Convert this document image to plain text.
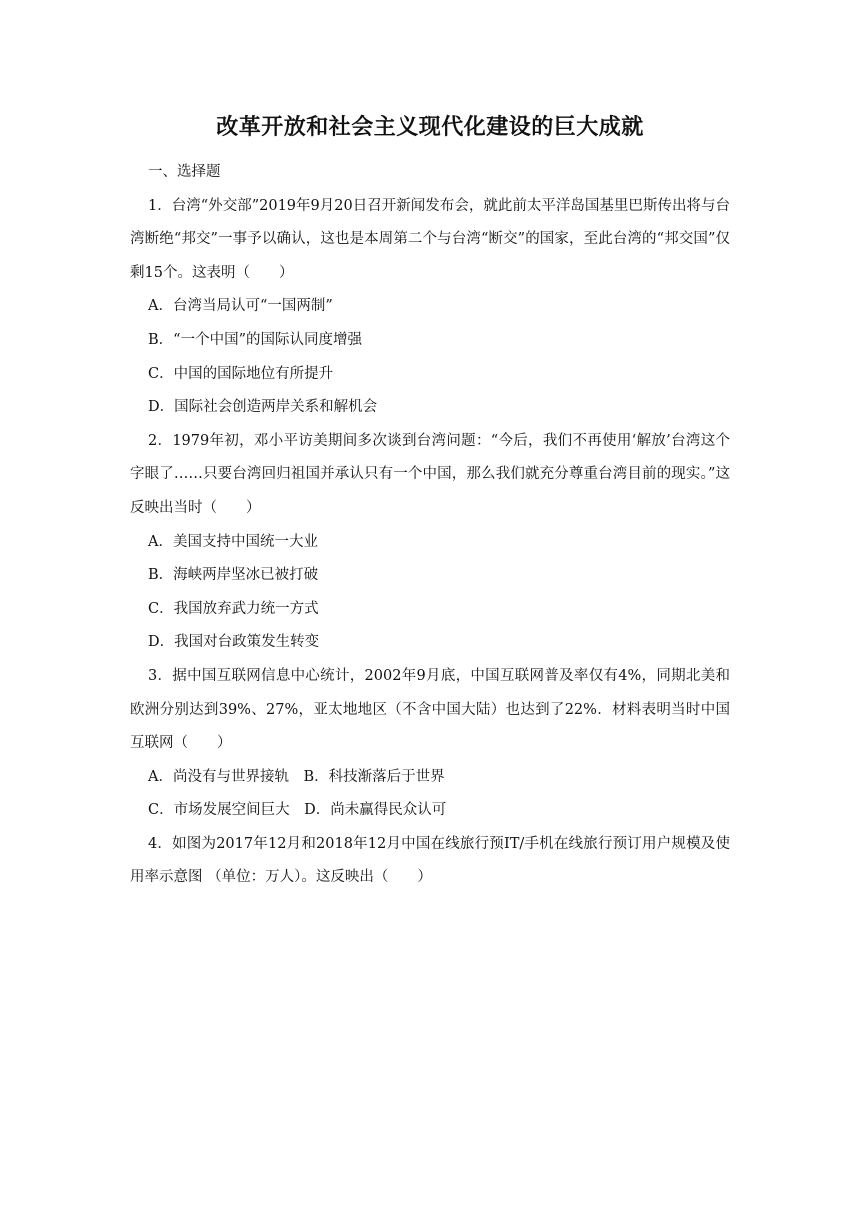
改革开放和社会主义现代化建设的巨大成就

一、选择题

1．台湾“外交部”2019年9月20日召开新闻发布会，就此前太平洋岛国基里巴斯传出将与台湾断绝“邦交”一事予以确认，这也是本周第二个与台湾“断交”的国家，至此台湾的“邦交国”仅剩15个。这表明（　　）

A．台湾当局认可“一国两制”

B．“一个中国”的国际认同度增强

C．中国的国际地位有所提升

D．国际社会创造两岸关系和解机会

2．1979年初，邓小平访美期间多次谈到台湾问题：“今后，我们不再使用‘解放’台湾这个字眼了……只要台湾回归祖国并承认只有一个中国，那么我们就充分尊重台湾目前的现实。”这反映出当时（　　）

A．美国支持中国统一大业

B．海峡两岸坚冰已被打破

C．我国放弃武力统一方式

D．我国对台政策发生转变

3．据中国互联网信息中心统计，2002年9月底，中国互联网普及率仅有4%，同期北美和欧洲分别达到39%、27%，亚太地地区（不含中国大陆）也达到了22%．材料表明当时中国互联网（　　）

A．尚没有与世界接轨　B．科技渐落后于世界

C．市场发展空间巨大　D．尚未赢得民众认可

4．如图为2017年12月和2018年12月中国在线旅行预IT/手机在线旅行预订用户规模及使用率示意图 （单位：万人）。这反映出（　　）
